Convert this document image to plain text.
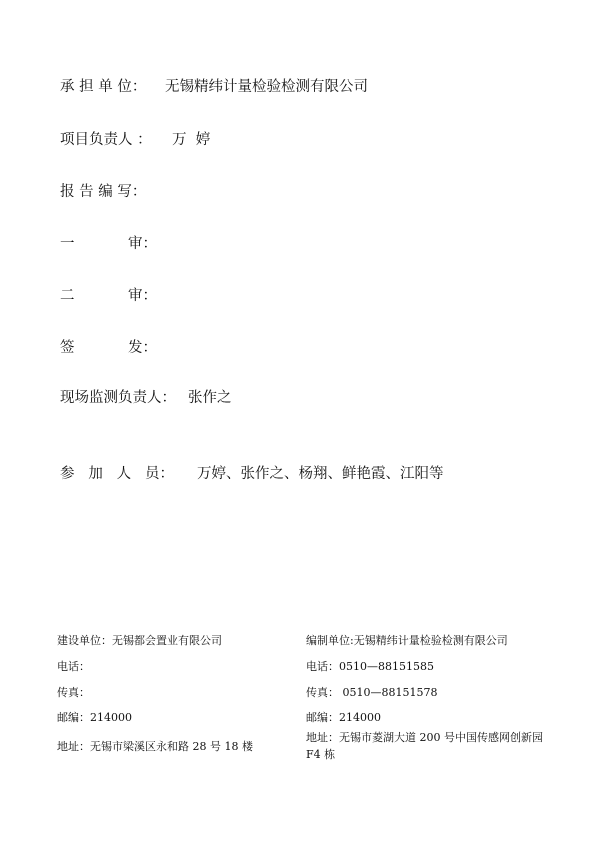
承 担 单 位： 无锡精纬计量检验检测有限公司
项目负责人 ： 万  婷
报 告 编 写：
一	审：
二	审：
签	发：
现场监测负责人： 张作之
参   加   人   员： 万婷、张作之、杨翔、鲜艳霞、江阳等
建设单位：无锡都会置业有限公司
电话：
传真：
邮编：214000
地址：无锡市梁溪区永和路 28 号 18 楼
编制单位:无锡精纬计量检验检测有限公司
电话：0510—88151585
传真： 0510—88151578
邮编：214000
地址：无锡市菱湖大道 200 号中国传感网创新园 F4 栋
